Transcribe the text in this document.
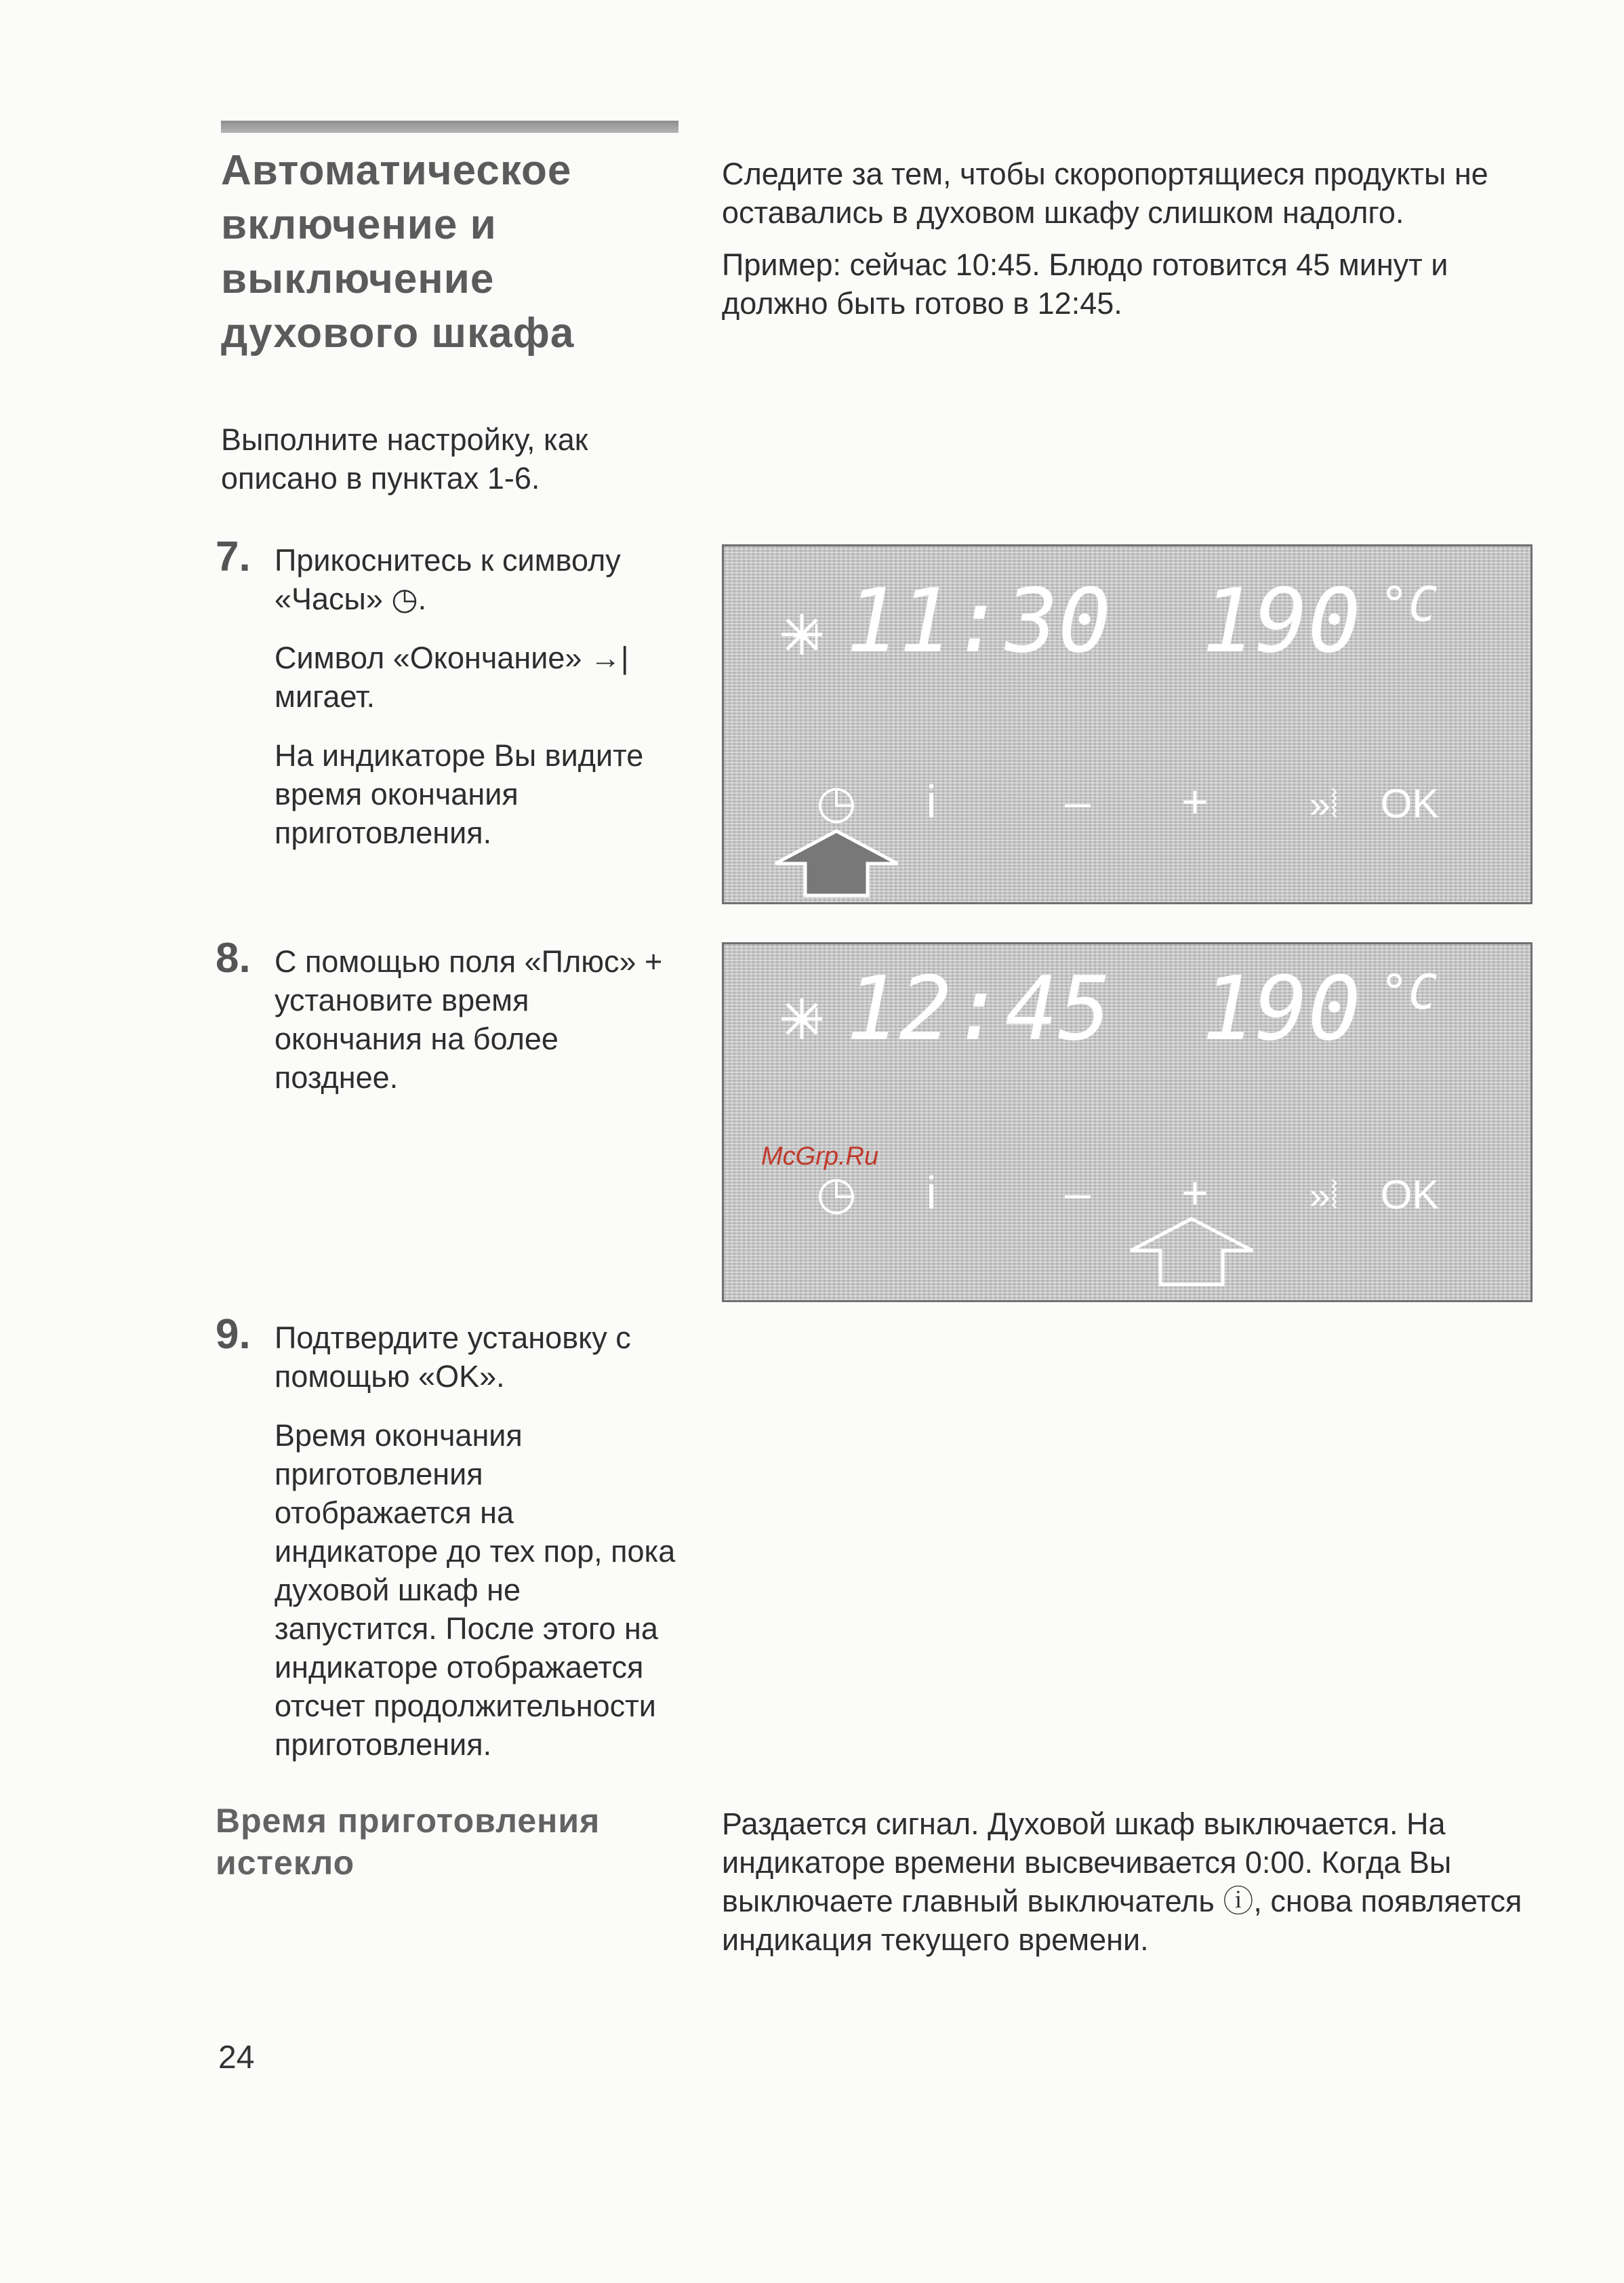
Автоматическое
включение и
выключение
духового шкафа

Следите за тем, чтобы скоропортящиеся продукты не оставались в духовом шкафу слишком надолго.

Пример: сейчас 10:45. Блюдо готовится 45 минут и должно быть готово в 12:45.

Выполните настройку, как описано в пунктах 1-6.
7. Прикоснитесь к символу «Часы» ◷.

Символ «Окончание» →| мигает.

На индикаторе Вы видите время окончания приготовления.

8. С помощью поля «Плюс» + установите время окончания на более позднее.

9. Подтвердите установку с помощью «OK».

Время окончания приготовления отображается на индикаторе до тех пор, пока духовой шкаф не запустится. После этого на индикаторе отображается отсчет продолжительности приготовления.

→| 11:30 190 °C
◷ i	– +	»⦚ OK
→| 12:45 190 °C
McGrp.Ru
◷ i	– +	»⦚ OK
Время приготовления
истекло
Раздается сигнал. Духовой шкаф выключается. На индикаторе времени высвечивается 0:00. Когда Вы выключаете главный выключатель ⓘ, снова появляется индикация текущего времени.
24
